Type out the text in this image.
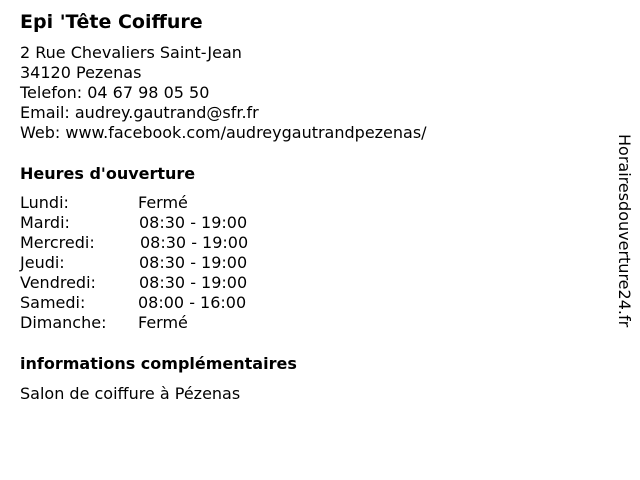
Epi 'Tête Coiffure
2 Rue Chevaliers Saint-Jean
34120 Pezenas
Telefon: 04 67 98 05 50
Email: audrey.gautrand@sfr.fr
Web: www.facebook.com/audreygautrandpezenas/
Heures d'ouverture
Lundi:	Fermé
Mardi:	08:30 - 19:00
Mercredi:	08:30 - 19:00
Jeudi:	08:30 - 19:00
Vendredi:	08:30 - 19:00
Samedi:	08:00 - 16:00
Dimanche: Fermé
informations complémentaires
Salon de coiffure à Pézenas
Horairesdouverture24.fr
